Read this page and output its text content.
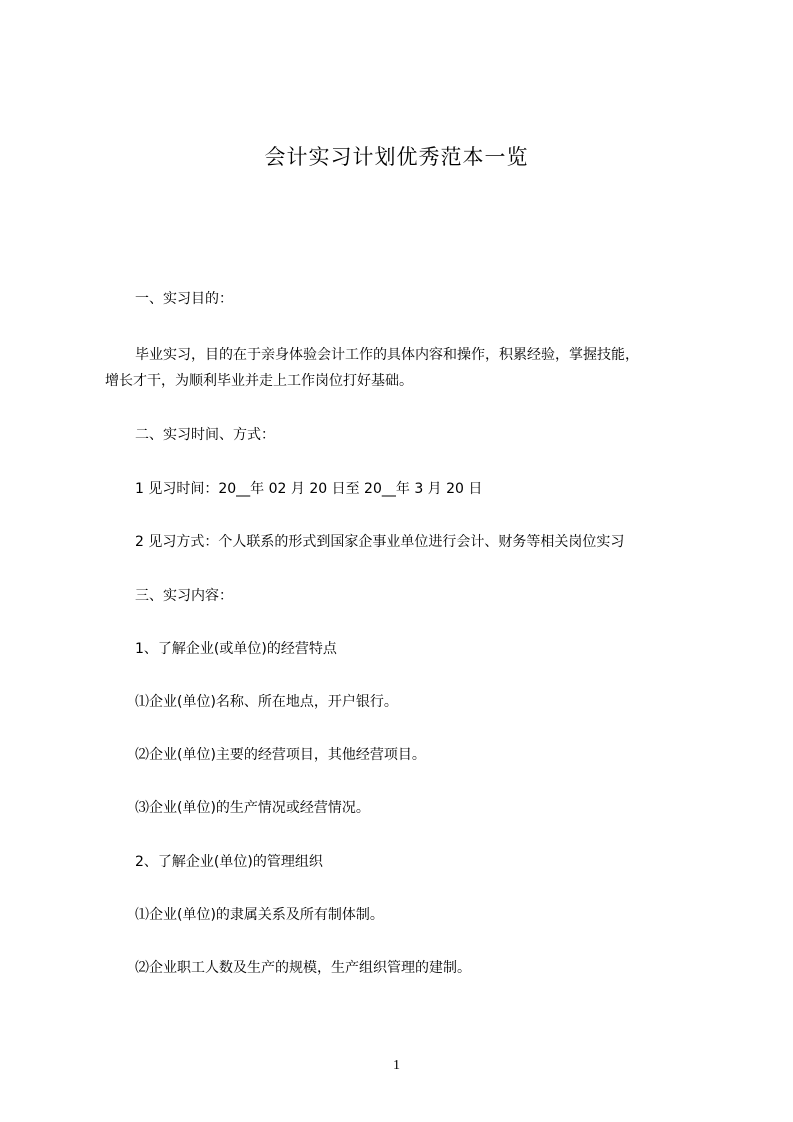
会计实习计划优秀范本一览
一、实习目的：
毕业实习，目的在于亲身体验会计工作的具体内容和操作，积累经验，掌握技能，
增长才干，为顺利毕业并走上工作岗位打好基础。
二、实习时间、方式：
1 见习时间：20__年 02 月 20 日至 20__年 3 月 20 日
2 见习方式：个人联系的形式到国家企事业单位进行会计、财务等相关岗位实习
三、实习内容：
1、了解企业(或单位)的经营特点
⑴企业(单位)名称、所在地点，开户银行。
⑵企业(单位)主要的经营项目，其他经营项目。
⑶企业(单位)的生产情况或经营情况。
2、了解企业(单位)的管理组织
⑴企业(单位)的隶属关系及所有制体制。
⑵企业职工人数及生产的规模，生产组织管理的建制。
1
